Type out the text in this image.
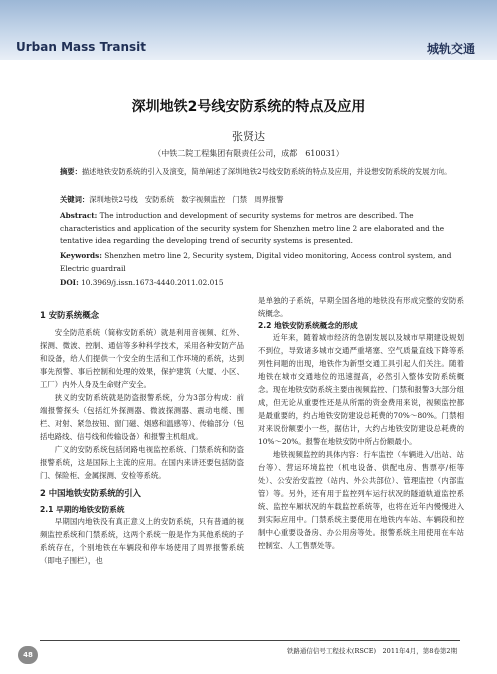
Urban Mass Transit	城轨交通
深圳地铁2号线安防系统的特点及应用
张贤达
（中铁二院工程集团有限责任公司，成都　610031）
摘要：描述地铁安防系统的引入及演变，简单阐述了深圳地铁2号线安防系统的特点及应用，并设想安防系统的发展方向。
关键词：深圳地铁2号线　安防系统　数字视频监控　门禁　周界报警
Abstract: The introduction and development of security systems for metros are described. The characteristics and application of the security system for Shenzhen metro line 2 are elaborated and the tentative idea regarding the developing trend of security systems is presented.
Keywords: Shenzhen metro line 2, Security system, Digital video monitoring, Access control system, and Electric guardrail
DOI: 10.3969/j.issn.1673-4440.2011.02.015
1 安防系统概念

安全防范系统（简称安防系统）就是利用音视频、红外、探测、微波、控制、通信等多种科学技术，采用各种安防产品和设备，给人们提供一个安全的生活和工作环境的系统，达到事先预警、事后控制和处理的效果，保护建筑（大厦、小区、工厂）内外人身及生命财产安全。

狭义的安防系统就是防盗报警系统，分为3部分构成：前端报警探头（包括红外探测器、微波探测器、震动电缆、围栏、对射、紧急按钮、窗门磁、烟感和温感等）、传输部分（包括电路线、信号线和传输设备）和报警主机组成。

广义的安防系统包括闭路电视监控系统、门禁系统和防盗报警系统，这是国际上主流的应用。在国内来讲还要包括防盗门、保险柜、金属探测、安检等系统。

2 中国地铁安防系统的引入
2.1 早期的地铁安防系统

早期国内地铁没有真正意义上的安防系统，只有普通的视频监控系统和门禁系统，这两个系统一般是作为其他系统的子系统存在，个别地铁在车辆段和停车场使用了周界报警系统（即电子围栏），也

是单独的子系统，早期全国各地的地铁没有形成完整的安防系统概念。

2.2 地铁安防系统概念的形成

近年来，随着城市经济的急剧发展以及城市早期建设规划不到位，导致诸多城市交通严重堵塞、空气质量直线下降等系列性问题的出现，地铁作为新型交通工具引起人们关注。随着地铁在城市交通地位的迅速提高，必然引入整体安防系统概念。现在地铁安防系统主要由视频监控、门禁和报警3大部分组成，但无论从重要性还是从所需的资金费用来说，视频监控都是最重要的，约占地铁安防建设总耗费的70%～80%。门禁相对来说份额要小一些，据估计，大约占地铁安防建设总耗费的10%～20%。报警在地铁安防中所占份额最小。

地铁视频监控的具体内容：行车监控（车辆进入/出站、站台等）、营运环境监控（机电设备、供配电房、售票亭/柜等处）、公安治安监控（站内、外公共部位）、管理监控（内部监管）等。另外，还有用于监控列车运行状况的隧道轨道监控系统、监控车厢状况的车载监控系统等，也将在近年内慢慢进入到实际应用中。门禁系统主要使用在地铁内车站、车辆段和控制中心重要设备房、办公用房等处。报警系统主用使用在车站控制室、人工售票处等。

48	铁路通信信号工程技术(RSCE)　2011年4月，第8卷第2期
